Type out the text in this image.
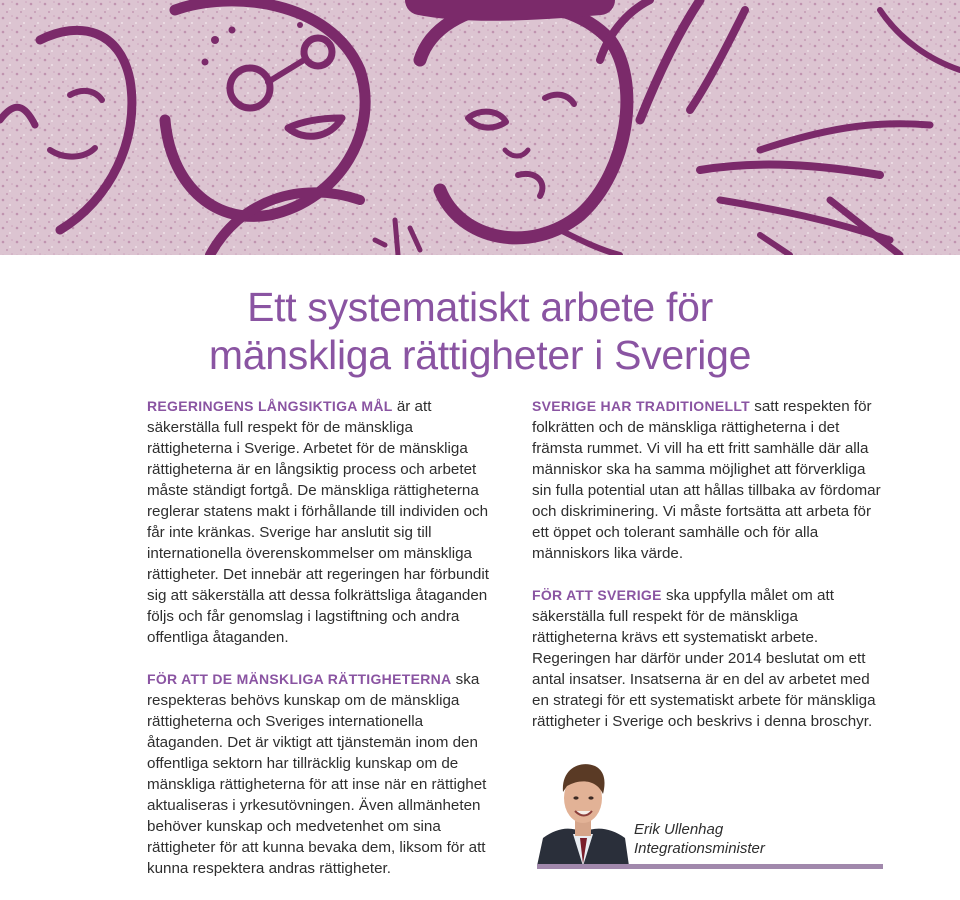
Ett systematiskt arbete för
mänskliga rättigheter i Sverige

REGERINGENS LÅNGSIKTIGA MÅL är att säkerställa full respekt för de mänskliga rättigheterna i Sverige. Arbetet för de mänskliga rättigheterna är en långsiktig process och arbetet måste ständigt fortgå. De mänskliga rättigheterna reglerar statens makt i förhållande till individen och får inte kränkas. Sverige har anslutit sig till internationella överenskommelser om mänskliga rättigheter. Det innebär att regeringen har förbundit sig att säkerställa att dessa folkrättsliga åtaganden följs och får genomslag i lagstiftning och andra offentliga åtaganden.

FÖR ATT DE MÄNSKLIGA RÄTTIGHETERNA ska respekteras behövs kunskap om de mänskliga rättigheterna och Sveriges internationella åtaganden. Det är viktigt att tjänstemän inom den offentliga sektorn har tillräcklig kunskap om de mänskliga rättigheterna för att inse när en rättighet aktualiseras i yrkesutövningen. Även allmänheten behöver kunskap och medvetenhet om sina rättigheter för att kunna bevaka dem, liksom för att kunna respektera andras rättigheter.

SVERIGE HAR TRADITIONELLT satt respekten för folkrätten och de mänskliga rättigheterna i det främsta rummet. Vi vill ha ett fritt samhälle där alla människor ska ha samma möjlighet att förverkliga sin fulla potential utan att hållas tillbaka av fördomar och diskriminering. Vi måste fortsätta att arbeta för ett öppet och tolerant samhälle och för alla människors lika värde.

FÖR ATT SVERIGE ska uppfylla målet om att säkerställa full respekt för de mänskliga rättigheterna krävs ett systematiskt arbete. Regeringen har därför under 2014 beslutat om ett antal insatser. Insatserna är en del av arbetet med en strategi för ett systematiskt arbete för mänskliga rättigheter i Sverige och beskrivs i denna broschyr.

Erik Ullenhag
Integrationsminister
